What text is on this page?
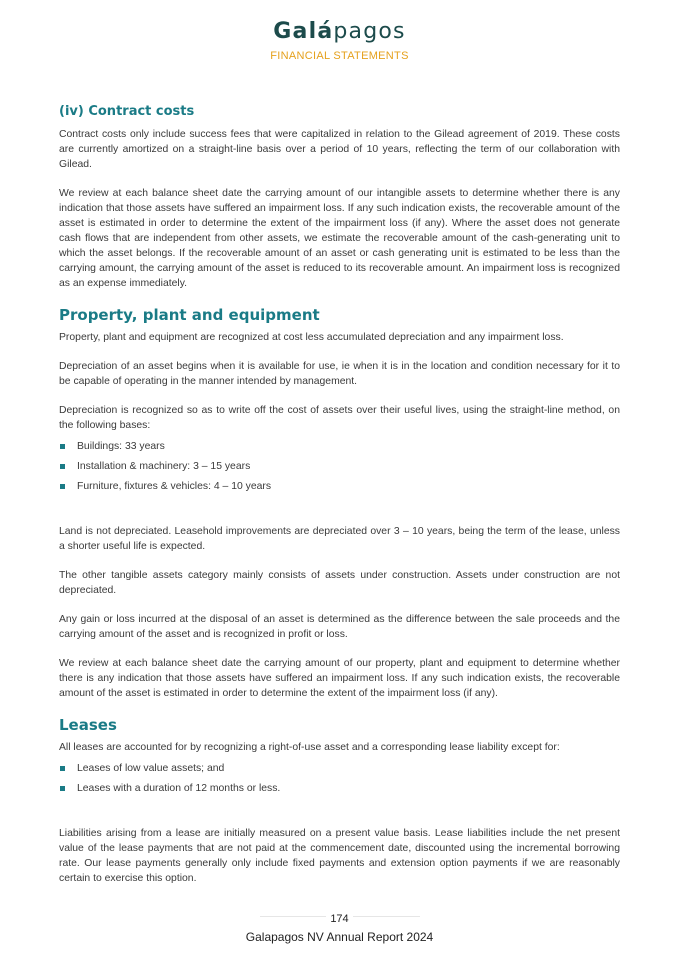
Galápagos
FINANCIAL STATEMENTS
(iv) Contract costs

Contract costs only include success fees that were capitalized in relation to the Gilead agreement of 2019. These costs are currently amortized on a straight-line basis over a period of 10 years, reflecting the term of our collaboration with Gilead.

We review at each balance sheet date the carrying amount of our intangible assets to determine whether there is any indication that those assets have suffered an impairment loss. If any such indication exists, the recoverable amount of the asset is estimated in order to determine the extent of the impairment loss (if any). Where the asset does not generate cash flows that are independent from other assets, we estimate the recoverable amount of the cash-generating unit to which the asset belongs. If the recoverable amount of an asset or cash generating unit is estimated to be less than the carrying amount, the carrying amount of the asset is reduced to its recoverable amount. An impairment loss is recognized as an expense immediately.

Property, plant and equipment

Property, plant and equipment are recognized at cost less accumulated depreciation and any impairment loss.

Depreciation of an asset begins when it is available for use, ie when it is in the location and condition necessary for it to be capable of operating in the manner intended by management.

Depreciation is recognized so as to write off the cost of assets over their useful lives, using the straight-line method, on the following bases:

Buildings: 33 years
Installation & machinery: 3 – 15 years
Furniture, fixtures & vehicles: 4 – 10 years

Land is not depreciated. Leasehold improvements are depreciated over 3 – 10 years, being the term of the lease, unless a shorter useful life is expected.

The other tangible assets category mainly consists of assets under construction. Assets under construction are not depreciated.

Any gain or loss incurred at the disposal of an asset is determined as the difference between the sale proceeds and the carrying amount of the asset and is recognized in profit or loss.

We review at each balance sheet date the carrying amount of our property, plant and equipment to determine whether there is any indication that those assets have suffered an impairment loss. If any such indication exists, the recoverable amount of the asset is estimated in order to determine the extent of the impairment loss (if any).

Leases

All leases are accounted for by recognizing a right-of-use asset and a corresponding lease liability except for:

Leases of low value assets; and
Leases with a duration of 12 months or less.

Liabilities arising from a lease are initially measured on a present value basis. Lease liabilities include the net present value of the lease payments that are not paid at the commencement date, discounted using the incremental borrowing rate. Our lease payments generally only include fixed payments and extension option payments if we are reasonably certain to exercise this option.

174
Galapagos NV Annual Report 2024
